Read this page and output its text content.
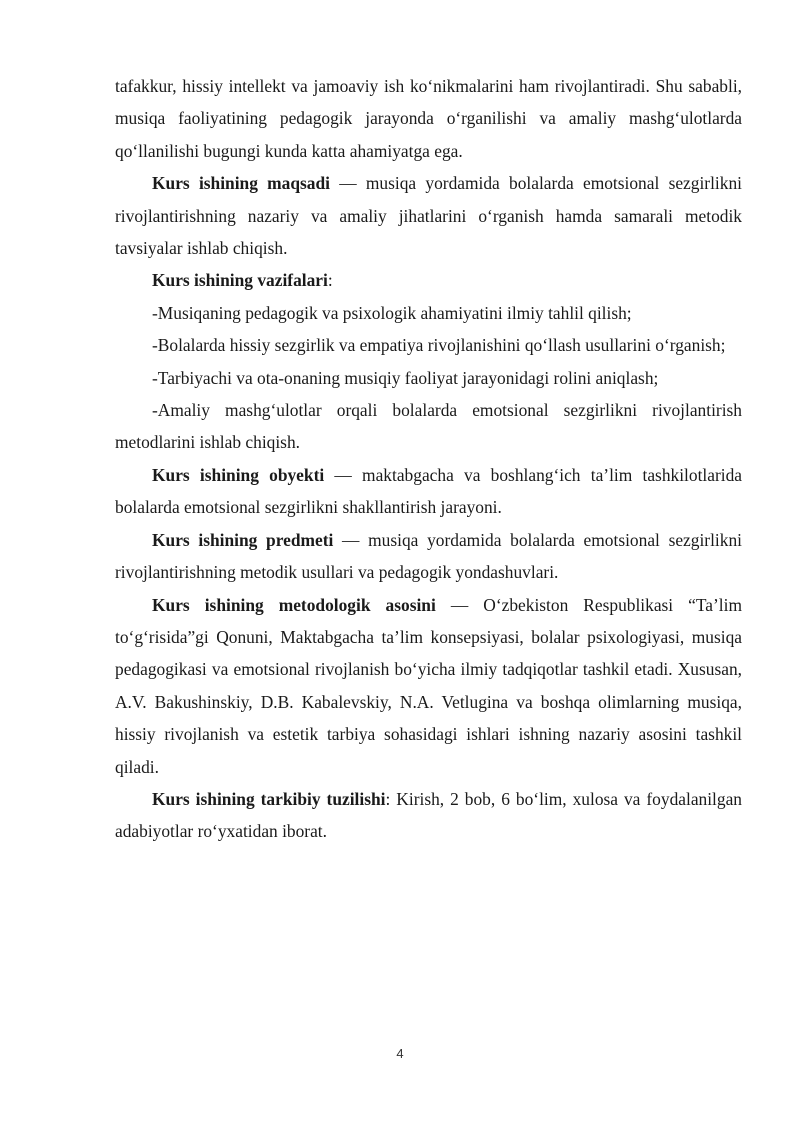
tafakkur, hissiy intellekt va jamoaviy ish ko‘nikmalarini ham rivojlantiradi. Shu sababli, musiqa faoliyatining pedagogik jarayonda o‘rganilishi va amaliy mashg‘ulotlarda qo‘llanilishi bugungi kunda katta ahamiyatga ega.

Kurs ishining maqsadi — musiqa yordamida bolalarda emotsional sezgirlikni rivojlantirishning nazariy va amaliy jihatlarini o‘rganish hamda samarali metodik tavsiyalar ishlab chiqish.

Kurs ishining vazifalari:

-Musiqaning pedagogik va psixologik ahamiyatini ilmiy tahlil qilish;

-Bolalarda hissiy sezgirlik va empatiya rivojlanishini qo‘llash usullarini o‘rganish;

-Tarbiyachi va ota-onaning musiqiy faoliyat jarayonidagi rolini aniqlash;

-Amaliy mashg‘ulotlar orqali bolalarda emotsional sezgirlikni rivojlantirish metodlarini ishlab chiqish.

Kurs ishining obyekti — maktabgacha va boshlang‘ich ta’lim tashkilotlarida bolalarda emotsional sezgirlikni shakllantirish jarayoni.

Kurs ishining predmeti — musiqa yordamida bolalarda emotsional sezgirlikni rivojlantirishning metodik usullari va pedagogik yondashuvlari.

Kurs ishining metodologik asosini — O‘zbekiston Respublikasi “Ta’lim to‘g‘risida”gi Qonuni, Maktabgacha ta’lim konsepsiyasi, bolalar psixologiyasi, musiqa pedagogikasi va emotsional rivojlanish bo‘yicha ilmiy tadqiqotlar tashkil etadi. Xususan, A.V. Bakushinskiy, D.B. Kabalevskiy, N.A. Vetlugina va boshqa olimlarning musiqa, hissiy rivojlanish va estetik tarbiya sohasidagi ishlari ishning nazariy asosini tashkil qiladi.

Kurs ishining tarkibiy tuzilishi: Kirish, 2 bob, 6 bo‘lim, xulosa va foydalanilgan adabiyotlar ro‘yxatidan iborat.

4
